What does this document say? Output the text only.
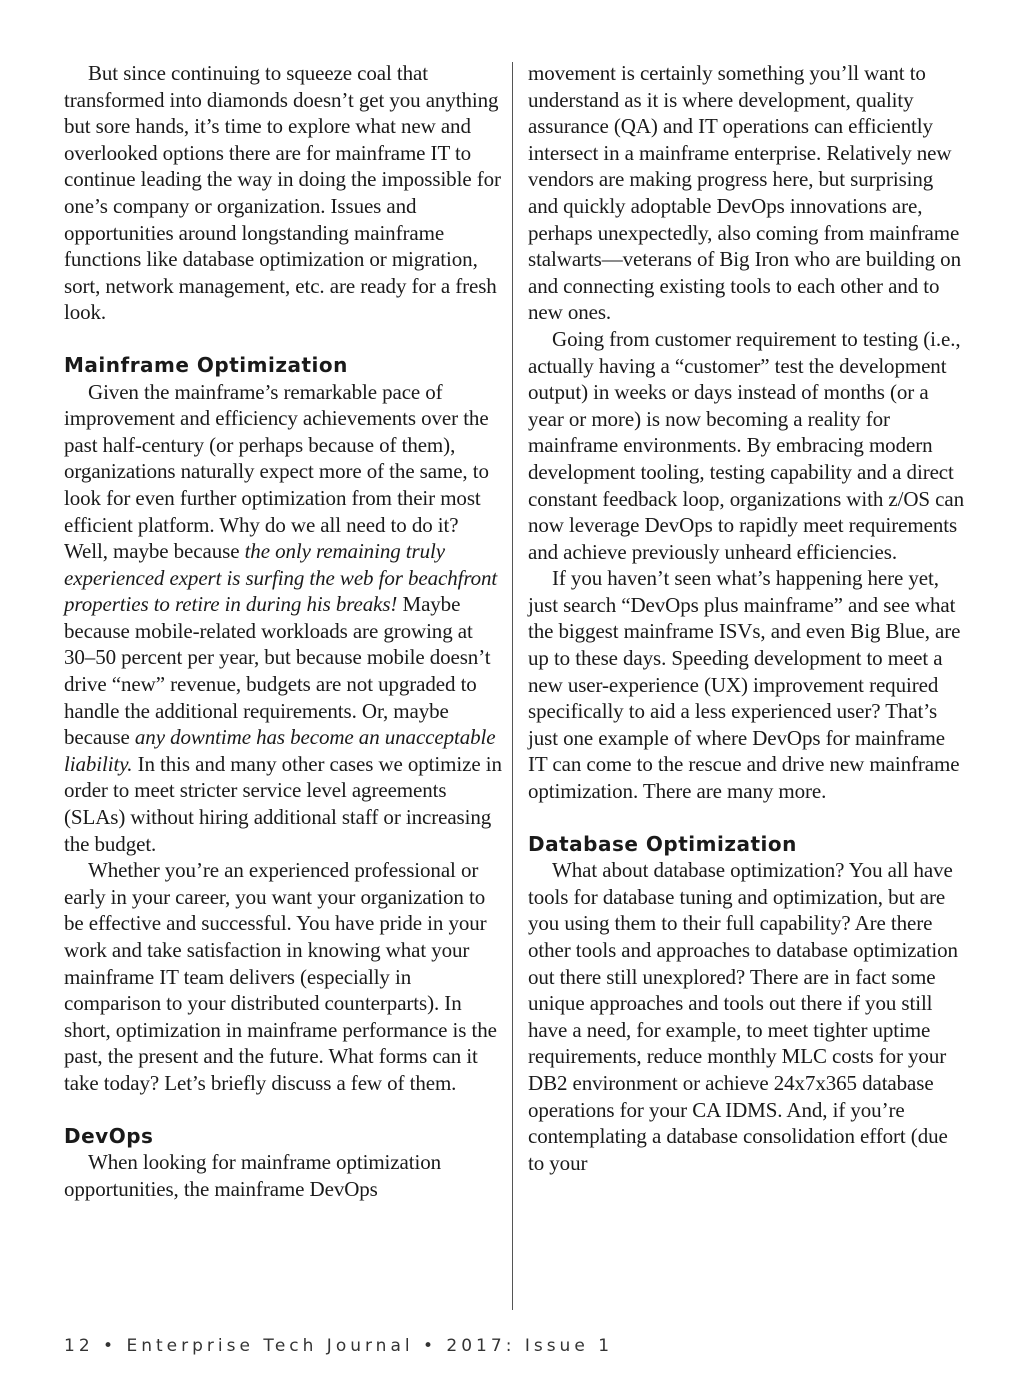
But since continuing to squeeze coal that transformed into diamonds doesn’t get you anything but sore hands, it’s time to explore what new and overlooked options there are for mainframe IT to continue leading the way in doing the impossible for one’s company or organization. Issues and opportunities around longstanding mainframe functions like database optimization or migration, sort, network management, etc. are ready for a fresh look.

Mainframe Optimization

Given the mainframe’s remarkable pace of improvement and efficiency achievements over the past half-century (or perhaps because of them), organizations naturally expect more of the same, to look for even further optimization from their most efficient platform. Why do we all need to do it? Well, maybe because the only remaining truly experienced expert is surfing the web for beachfront properties to retire in during his breaks! Maybe because mobile-related workloads are growing at 30–50 percent per year, but because mobile doesn’t drive “new” revenue, budgets are not upgraded to handle the additional requirements. Or, maybe because any downtime has become an unacceptable liability. In this and many other cases we optimize in order to meet stricter service level agreements (SLAs) without hiring additional staff or increasing the budget.

Whether you’re an experienced professional or early in your career, you want your organization to be effective and successful. You have pride in your work and take satisfaction in knowing what your mainframe IT team delivers (especially in comparison to your distributed counterparts). In short, optimization in mainframe performance is the past, the present and the future. What forms can it take today? Let’s briefly discuss a few of them.

DevOps

When looking for mainframe optimization opportunities, the mainframe DevOps

movement is certainly something you’ll want to understand as it is where development, quality assurance (QA) and IT operations can efficiently intersect in a mainframe enterprise. Relatively new vendors are making progress here, but surprising and quickly adoptable DevOps innovations are, perhaps unexpectedly, also coming from mainframe stalwarts—veterans of Big Iron who are building on and connecting existing tools to each other and to new ones.

Going from customer requirement to testing (i.e., actually having a “customer” test the development output) in weeks or days instead of months (or a year or more) is now becoming a reality for mainframe environments. By embracing modern development tooling, testing capability and a direct constant feedback loop, organizations with z/OS can now leverage DevOps to rapidly meet requirements and achieve previously unheard efficiencies.

If you haven’t seen what’s happening here yet, just search “DevOps plus mainframe” and see what the biggest mainframe ISVs, and even Big Blue, are up to these days. Speeding development to meet a new user-experience (UX) improvement required specifically to aid a less experienced user? That’s just one example of where DevOps for mainframe IT can come to the rescue and drive new mainframe optimization. There are many more.

Database Optimization

What about database optimization? You all have tools for database tuning and optimization, but are you using them to their full capability? Are there other tools and approaches to database optimization out there still unexplored? There are in fact some unique approaches and tools out there if you still have a need, for example, to meet tighter uptime requirements, reduce monthly MLC costs for your DB2 environment or achieve 24x7x365 database operations for your CA IDMS. And, if you’re contemplating a database consolidation effort (due to your

12 • Enterprise Tech Journal • 2017: Issue 1
